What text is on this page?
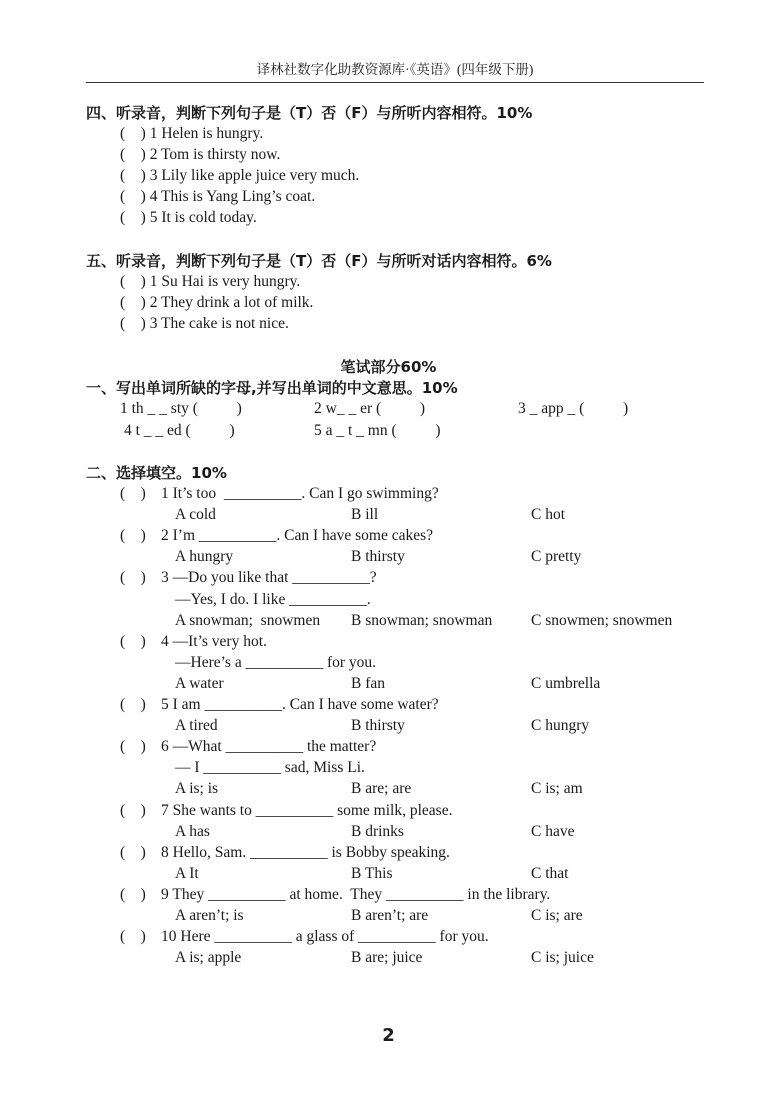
译林社数字化助教资源库·《英语》(四年级下册)
四、听录音，判断下列句子是（T）否（F）与所听内容相符。10%
(    ) 1 Helen is hungry.
(    ) 2 Tom is thirsty now.
(    ) 3 Lily like apple juice very much.
(    ) 4 This is Yang Ling’s coat.
(    ) 5 It is cold today.
五、听录音，判断下列句子是（T）否（F）与所听对话内容相符。6%
(    ) 1 Su Hai is very hungry.
(    ) 2 They drink a lot of milk.
(    ) 3 The cake is not nice.
笔试部分60%
一、写出单词所缺的字母,并写出单词的中文意思。10%
1 th _ _ sty (          )	2 w_ _ er (          )	3 _ app _ (          )
4 t _ _ ed (          )	5 a _ t _ mn (          )
二、选择填空。10%
(    ) 1 It’s too  __________. Can I go swimming?
A cold	B ill	C hot
(    ) 2 I’m __________. Can I have some cakes?
A hungry	B thirsty	C pretty
(    ) 3 —Do you like that __________?
—Yes, I do. I like __________.
A snowman;  snowmen B snowman; snowman	C snowmen; snowmen
(    ) 4 —It’s very hot.
—Here’s a __________ for you.
A water	B fan	C umbrella
(    ) 5 I am __________. Can I have some water?
A tired	B thirsty	C hungry
(    ) 6 —What __________ the matter?
— I __________ sad, Miss Li.
A is; is	B are; are	C is; am
(    ) 7 She wants to __________ some milk, please.
A has	B drinks	C have
(    ) 8 Hello, Sam. __________ is Bobby speaking.
A It	B This	C that
(    ) 9 They __________ at home.  They __________ in the library.
A aren’t; is	B aren’t; are	C is; are
(    ) 10 Here __________ a glass of __________ for you.
A is; apple	B are; juice	C is; juice
2
